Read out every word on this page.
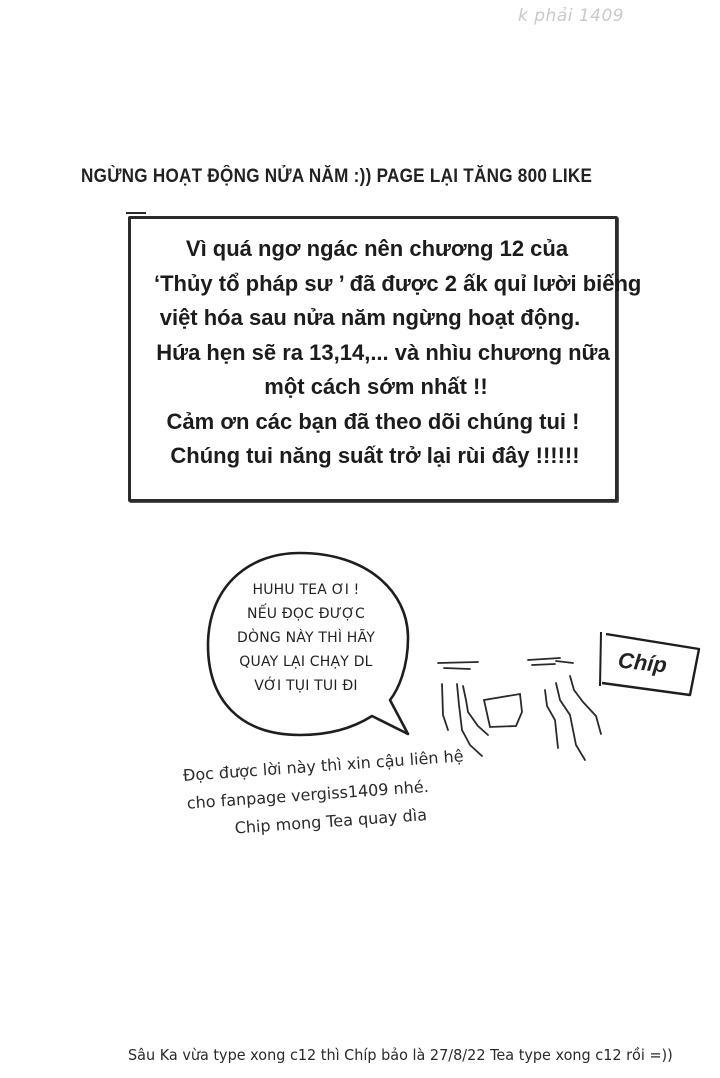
k phải 1409
NGỪNG HOẠT ĐỘNG NỬA NĂM :)) PAGE LẠI TĂNG 800 LIKE
Vì quá ngơ ngác nên chương 12 của
‘Thủy tổ pháp sư ’ đã được 2 ấk quỉ lười biếng
việt hóa sau nửa năm ngừng hoạt động.
Hứa hẹn sẽ ra 13,14,... và nhìu chương nữa
một cách sớm nhất !!
Cảm ơn các bạn đã theo dõi chúng tui !
Chúng tui năng suất trở lại rùi đây !!!!!!
HUHU TEA ƠI !
NẾU ĐỌC ĐƯỢC
DÒNG NÀY THÌ HÃY
QUAY LẠI CHẠY DL
VỚI TỤI TUI ĐI
Chíp
Đọc được lời này thì xin cậu liên hệ
cho fanpage vergiss1409 nhé.
Chip mong Tea quay dìa
Sâu Ka vừa type xong c12 thì Chíp bảo là 27/8/22 Tea type xong c12 rồi =))
